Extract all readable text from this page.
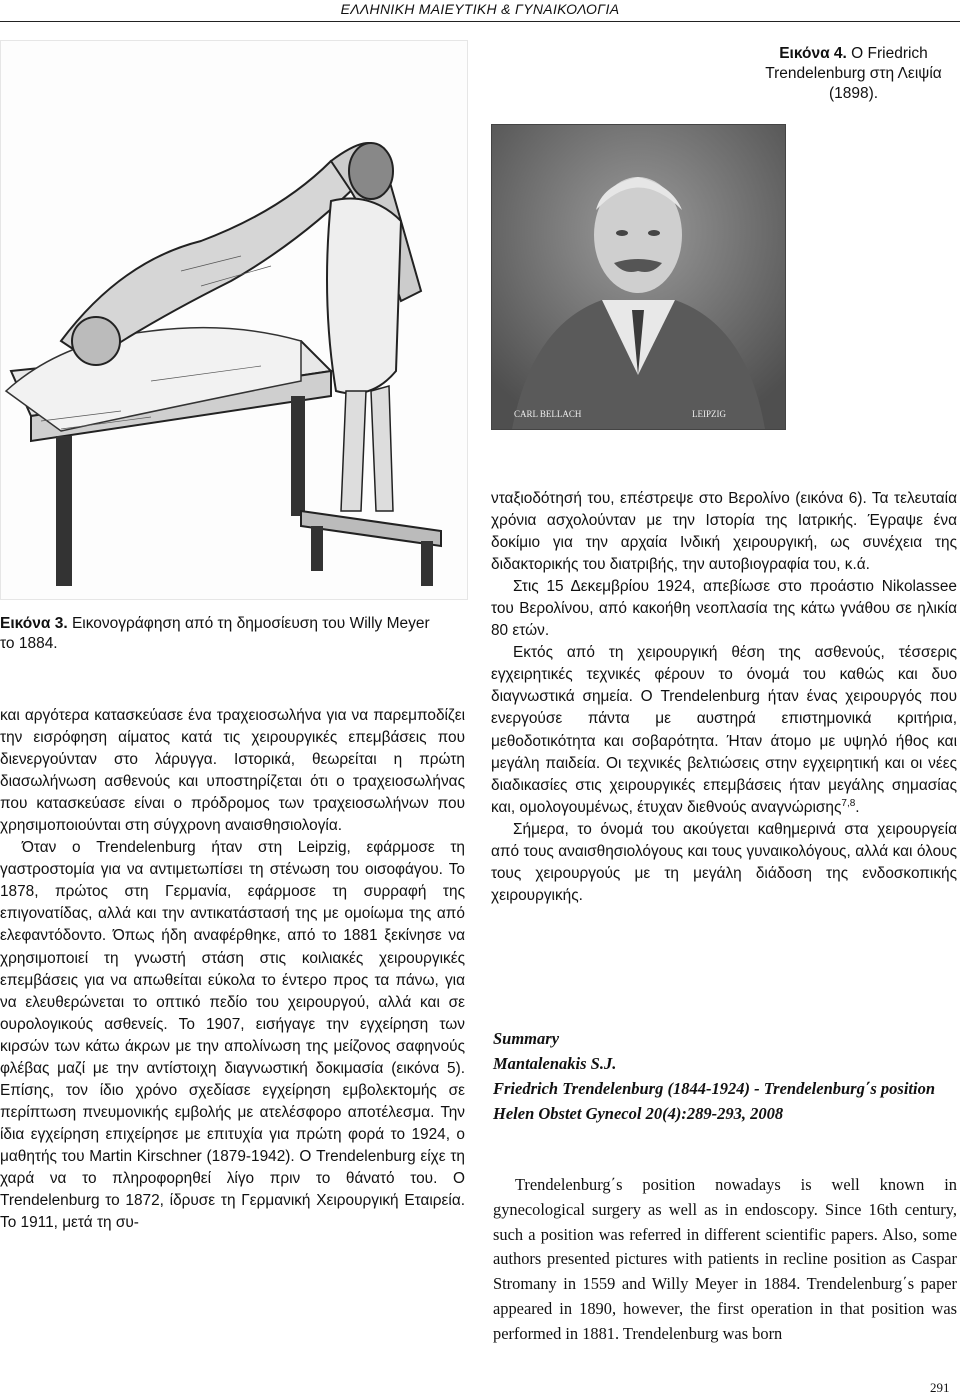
ΕΛΛΗΝΙΚΗ ΜΑΙΕΥΤΙΚΗ & ΓΥΝΑΙΚΟΛΟΓΙΑ
Εικόνα 3. Εικονογράφηση από τη δημοσίευση του Willy Meyer το 1884.
CARL BELLACH	LEIPZIG
Εικόνα 4. Ο Friedrich Trendelenburg στη Λειψία (1898).

και αργότερα κατασκεύασε ένα τραχειοσωλήνα για να παρεμποδίζει την εισρόφηση αίματος κατά τις χειρουργικές επεμβάσεις που διενεργούνταν στο λάρυγγα. Ιστορικά, θεωρείται η πρώτη διασωλήνωση ασθενούς και υποστηρίζεται ότι ο τραχειοσωλήνας που κατασκεύασε είναι ο πρόδρομος των τραχειοσωλήνων που χρησιμοποιούνται στη σύγχρονη αναισθησιολογία.

Όταν ο Trendelenburg ήταν στη Leipzig, εφάρμοσε τη γαστροστομία για να αντιμετωπίσει τη στένωση του οισοφάγου. Το 1878, πρώτος στη Γερμανία, εφάρμοσε τη συρραφή της επιγονατίδας, αλλά και την αντικατάστασή της με ομοίωμα της από ελεφαντόδοντο. Όπως ήδη αναφέρθηκε, από το 1881 ξεκίνησε να χρησιμοποιεί τη γνωστή στάση στις κοιλιακές χειρουργικές επεμβάσεις για να απωθείται εύκολα το έντερο προς τα πάνω, για να ελευθερώνεται το οπτικό πεδίο του χειρουργού, αλλά και σε ουρολογικούς ασθενείς. Το 1907, εισήγαγε την εγχείρηση των κιρσών των κάτω άκρων με την απολίνωση της μείζονος σαφηνούς φλέβας μαζί με την αντίστοιχη διαγνωστική δοκιμασία (εικόνα 5). Επίσης, τον ίδιο χρόνο σχεδίασε εγχείρηση εμβολεκτομής σε περίπτωση πνευμονικής εμβολής με ατελέσφορο αποτέλεσμα. Την ίδια εγχείρηση επιχείρησε με επιτυχία για πρώτη φορά το 1924, ο μαθητής του Martin Kirschner (1879-1942). Ο Trendelenburg είχε τη χαρά να το πληροφορηθεί λίγο πριν το θάνατό του. Ο Trendelenburg το 1872, ίδρυσε τη Γερμανική Χειρουργική Εταιρεία. Το 1911, μετά τη συ-

νταξιοδότησή του, επέστρεψε στο Βερολίνο (εικόνα 6). Τα τελευταία χρόνια ασχολούνταν με την Ιστορία της Ιατρικής. Έγραψε ένα δοκίμιο για την αρχαία Ινδική χειρουργική, ως συνέχεια της διδακτορικής του διατριβής, την αυτοβιογραφία του, κ.ά.

Στις 15 Δεκεμβρίου 1924, απεβίωσε στο προάστιο Nikolassee του Βερολίνου, από κακοήθη νεοπλασία της κάτω γνάθου σε ηλικία 80 ετών.

Εκτός από τη χειρουργική θέση της ασθενούς, τέσσερις εγχειρητικές τεχνικές φέρουν το όνομά του καθώς και δυο διαγνωστικά σημεία. Ο Trendelenburg ήταν ένας χειρουργός που ενεργούσε πάντα με αυστηρά επιστημονικά κριτήρια, μεθοδοτικότητα και σοβαρότητα. Ήταν άτομο με υψηλό ήθος και μεγάλη παιδεία. Οι τεχνικές βελτιώσεις στην εγχειρητική και οι νέες διαδικασίες στις χειρουργικές επεμβάσεις ήταν μεγάλης σημασίας και, ομολογουμένως, έτυχαν διεθνούς αναγνώρισης$^{7,8}$.

Σήμερα, το όνομά του ακούγεται καθημερινά στα χειρουργεία από τους αναισθησιολόγους και τους γυναικολόγους, αλλά και όλους τους χειρουργούς με τη μεγάλη διάδοση της ενδοσκοπικής χειρουργικής.

Summary
Mantalenakis S.J.
Friedrich Trendelenburg (1844-1924) - Trendelenburg΄s position
Helen Obstet Gynecol 20(4):289-293, 2008

Trendelenburg΄s position nowadays is well known in gynecological surgery as well as in endoscopy. Since 16th century, such a position was referred in different scientific papers. Also, some authors presented pictures with patients in recline position as Caspar Stromany in 1559 and Willy Meyer in 1884. Trendelenburg΄s paper appeared in 1890, however, the first operation in that position was performed in 1881. Trendelenburg was born

291
